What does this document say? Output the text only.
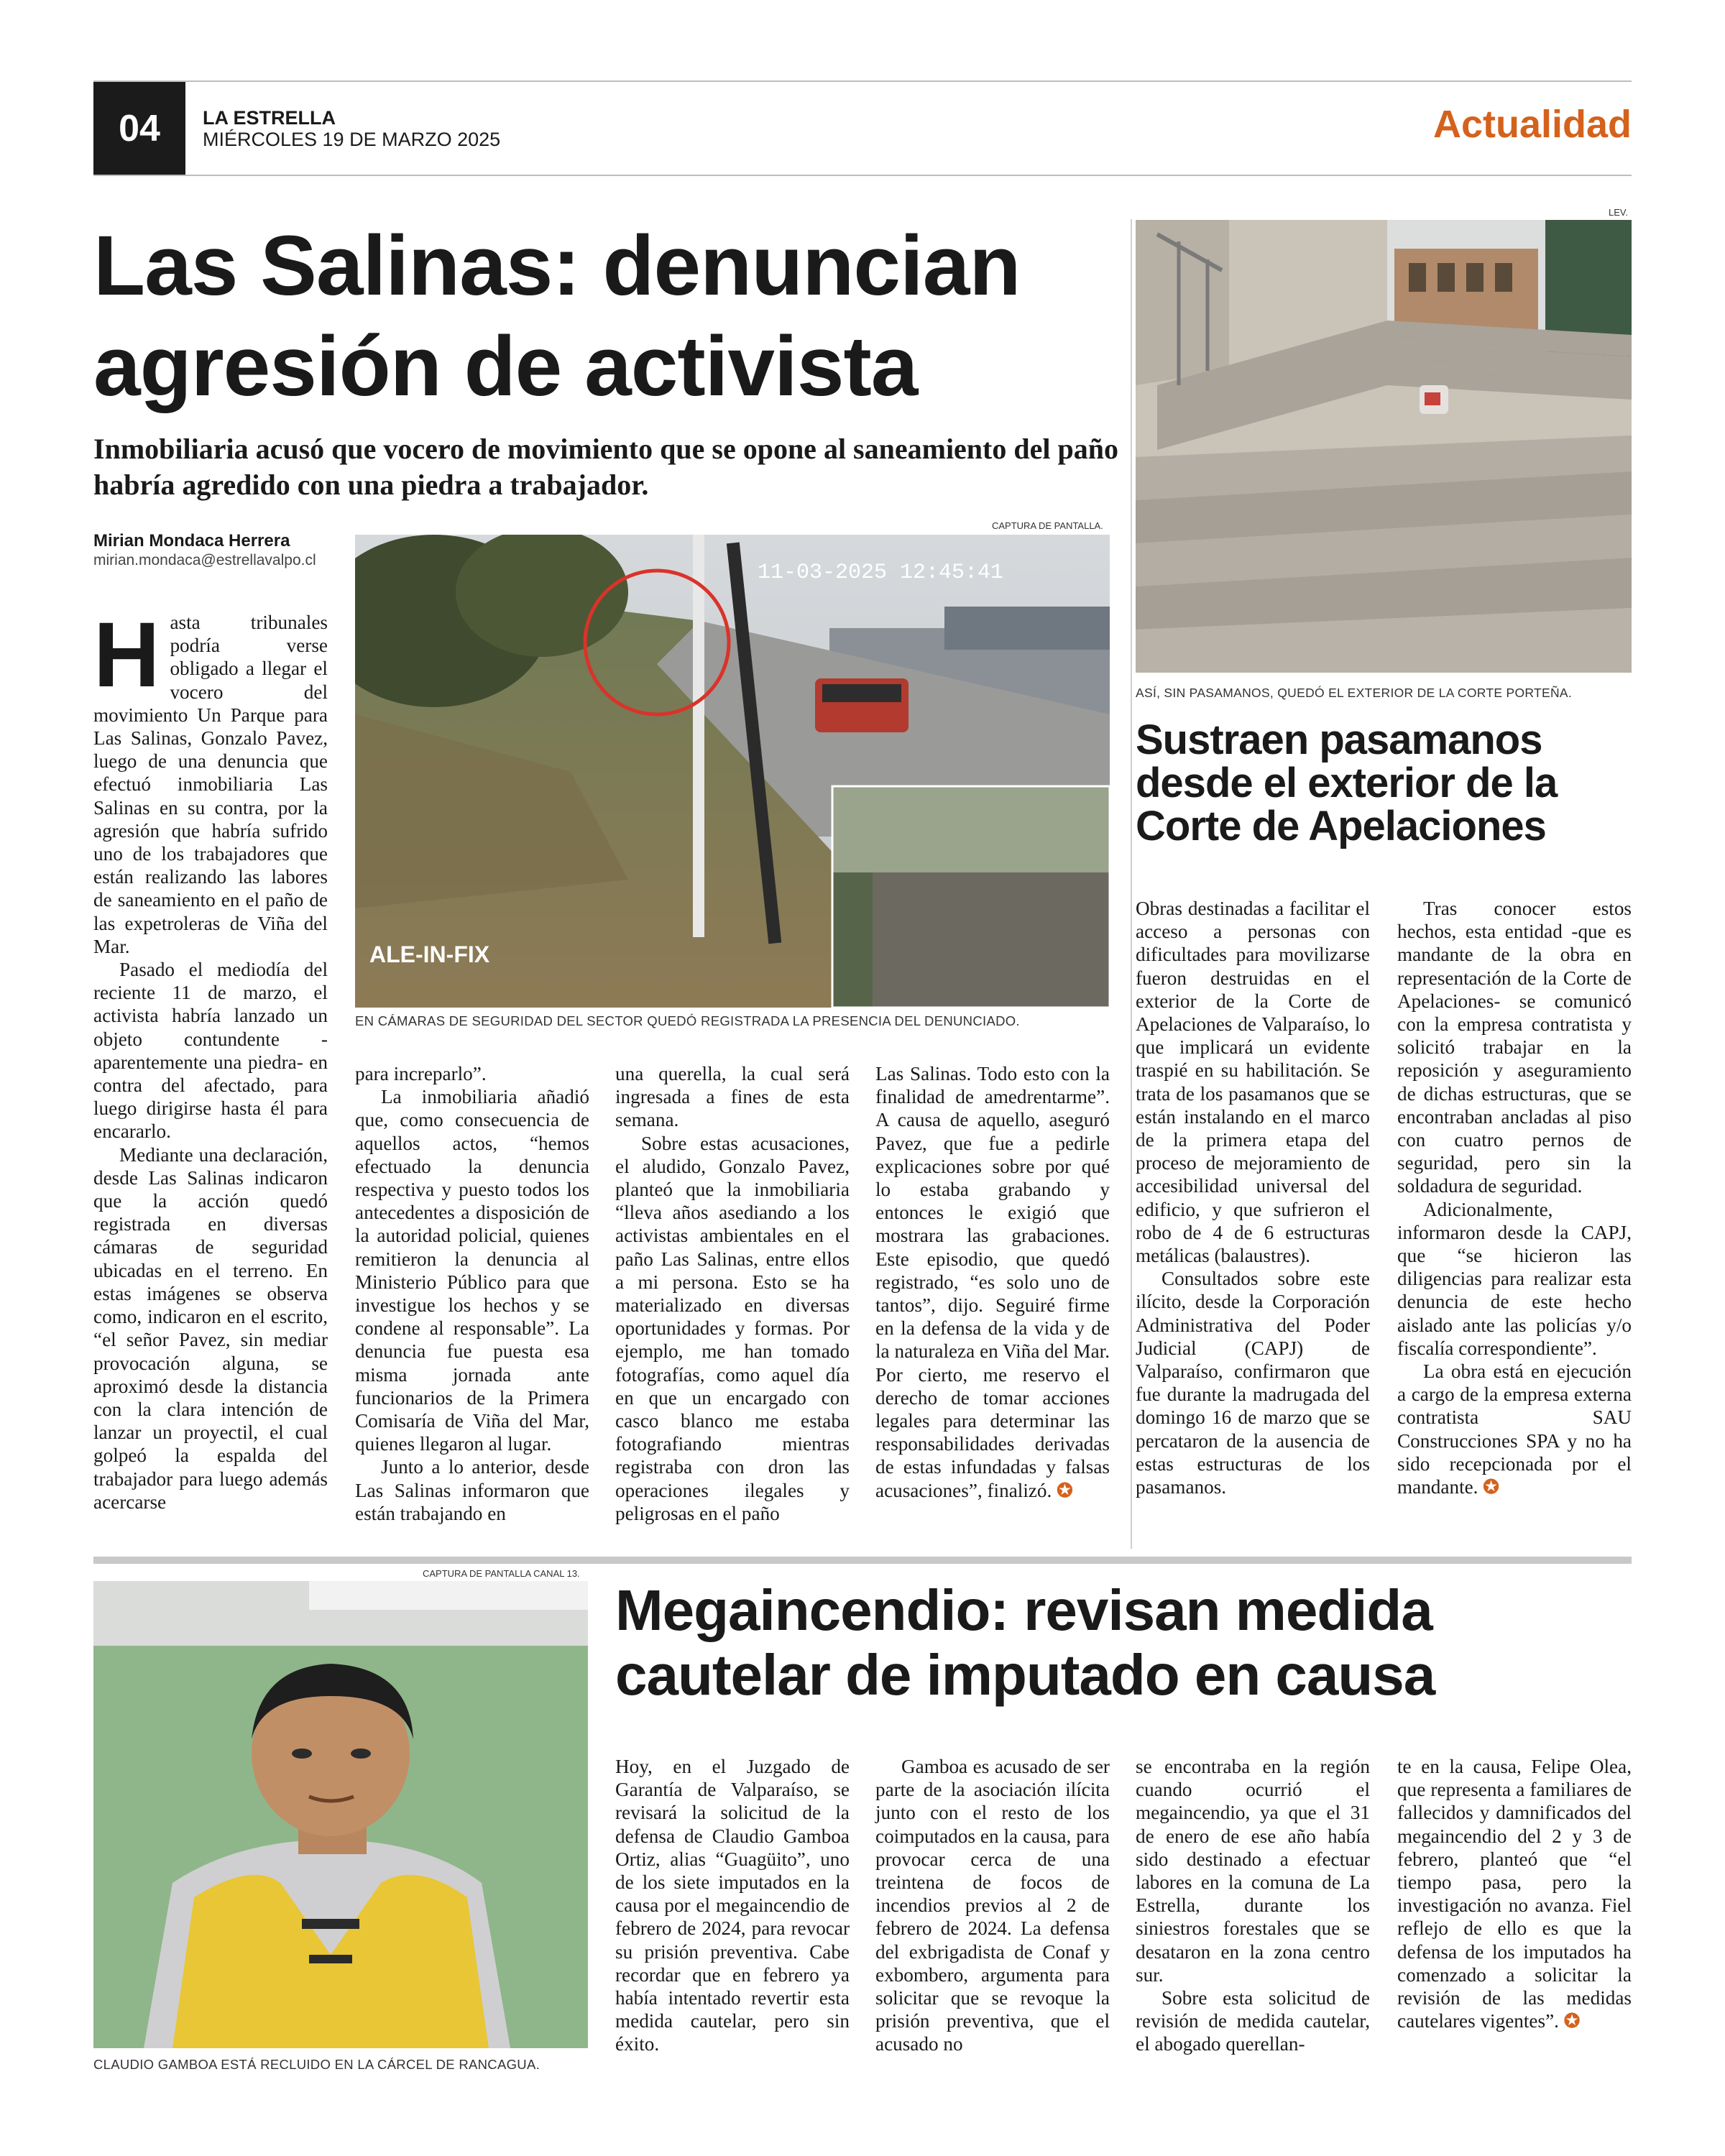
04	LA ESTRELLA
MIÉRCOLES 19 DE MARZO 2025	Actualidad
Las Salinas: denuncian
agresión de activista
Inmobiliaria acusó que vocero de movimiento que se opone al saneamiento del paño habría agredido con una piedra a trabajador.
Mirian Mondaca Herrera
mirian.mondaca@estrellavalpo.cl
CAPTURA DE PANTALLA.
11-03-2025 12:45:41
ALE-IN-FIX
EN CÁMARAS DE SEGURIDAD DEL SECTOR QUEDÓ REGISTRADA LA PRESENCIA DEL DENUNCIADO.
H asta tribunales podría verse obligado a llegar el vocero del movimiento Un Parque para Las Salinas, Gonzalo Pavez, luego de una denuncia que efectuó inmobiliaria Las Salinas en su contra, por la agresión que habría sufrido uno de los trabajadores que están realizando las labores de saneamiento en el paño de las expetroleras de Viña del Mar.

Pasado el mediodía del reciente 11 de marzo, el activista habría lanzado un objeto contundente -aparentemente una piedra- en contra del afectado, para luego dirigirse hasta él para encararlo.

Mediante una declaración, desde Las Salinas indicaron que la acción quedó registrada en diversas cámaras de seguridad ubicadas en el terreno. En estas imágenes se observa como, indicaron en el escrito, “el señor Pavez, sin mediar provocación alguna, se aproximó desde la distancia con la clara intención de lanzar un proyectil, el cual golpeó la espalda del trabajador para luego además acercarse

para increparlo”.

La inmobiliaria añadió que, como consecuencia de aquellos actos, “hemos efectuado la denuncia respectiva y puesto todos los antecedentes a disposición de la autoridad policial, quienes remitieron la denuncia al Ministerio Público para que investigue los hechos y se condene al responsable”. La denuncia fue puesta esa misma jornada ante funcionarios de la Primera Comisaría de Viña del Mar, quienes llegaron al lugar.

Junto a lo anterior, desde Las Salinas informaron que están trabajando en

una querella, la cual será ingresada a fines de esta semana.

Sobre estas acusaciones, el aludido, Gonzalo Pavez, planteó que la inmobiliaria “lleva años asediando a los activistas ambientales en el paño Las Salinas, entre ellos a mi persona. Esto se ha materializado en diversas oportunidades y formas. Por ejemplo, me han tomado fotografías, como aquel día en que un encargado con casco blanco me estaba fotografiando mientras registraba con dron las operaciones ilegales y peligrosas en el paño

Las Salinas. Todo esto con la finalidad de amedrentarme”. A causa de aquello, aseguró Pavez, que fue a pedirle explicaciones sobre por qué lo estaba grabando y entonces le exigió que mostrara las grabaciones. Este episodio, que quedó registrado, “es solo uno de tantos”, dijo. Seguiré firme en la defensa de la vida y de la naturaleza en Viña del Mar. Por cierto, me reservo el derecho de tomar acciones legales para determinar las responsabilidades derivadas de estas infundadas y falsas acusaciones”, finalizó. ✪

LEV.
ASÍ, SIN PASAMANOS, QUEDÓ EL EXTERIOR DE LA CORTE PORTEÑA.
Sustraen pasamanos desde el exterior de la Corte de Apelaciones

Obras destinadas a facilitar el acceso a personas con dificultades para movilizarse fueron destruidas en el exterior de la Corte de Apelaciones de Valparaíso, lo que implicará un evidente traspié en su habilitación. Se trata de los pasamanos que se están instalando en el marco de la primera etapa del proceso de mejoramiento de accesibilidad universal del edificio, y que sufrieron el robo de 4 de 6 estructuras metálicas (balaustres).

Consultados sobre este ilícito, desde la Corporación Administrativa del Poder Judicial (CAPJ) de Valparaíso, confirmaron que fue durante la madrugada del domingo 16 de marzo que se percataron de la ausencia de estas estructuras de los pasamanos.

Tras conocer estos hechos, esta entidad -que es mandante de la obra en representación de la Corte de Apelaciones- se comunicó con la empresa contratista y solicitó trabajar en la reposición y aseguramiento de dichas estructuras, que se encontraban ancladas al piso con cuatro pernos de seguridad, pero sin la soldadura de seguridad.

Adicionalmente, informaron desde la CAPJ, que “se hicieron las diligencias para realizar esta denuncia de este hecho aislado ante las policías y/o fiscalía correspondiente”.

La obra está en ejecución a cargo de la empresa externa contratista SAU Construcciones SPA y no ha sido recepcionada por el mandante. ✪

CAPTURA DE PANTALLA CANAL 13.
CLAUDIO GAMBOA ESTÁ RECLUIDO EN LA CÁRCEL DE RANCAGUA.
Megaincendio: revisan medida
cautelar de imputado en causa

Hoy, en el Juzgado de Garantía de Valparaíso, se revisará la solicitud de la defensa de Claudio Gamboa Ortiz, alias “Guagüito”, uno de los siete imputados en la causa por el megaincendio de febrero de 2024, para revocar su prisión preventiva. Cabe recordar que en febrero ya había intentado revertir esta medida cautelar, pero sin éxito.

Gamboa es acusado de ser parte de la asociación ilícita junto con el resto de los coimputados en la causa, para provocar cerca de una treintena de focos de incendios previos al 2 de febrero de 2024. La defensa del exbrigadista de Conaf y exbombero, argumenta para solicitar que se revoque la prisión preventiva, que el acusado no

se encontraba en la región cuando ocurrió el megaincendio, ya que el 31 de enero de ese año había sido destinado a efectuar labores en la comuna de La Estrella, durante los siniestros forestales que se desataron en la zona centro sur.

Sobre esta solicitud de revisión de medida cautelar, el abogado querellan-

te en la causa, Felipe Olea, que representa a familiares de fallecidos y damnificados del megaincendio del 2 y 3 de febrero, planteó que “el tiempo pasa, pero la investigación no avanza. Fiel reflejo de ello es que la defensa de los imputados ha comenzado a solicitar la revisión de las medidas cautelares vigentes”. ✪
